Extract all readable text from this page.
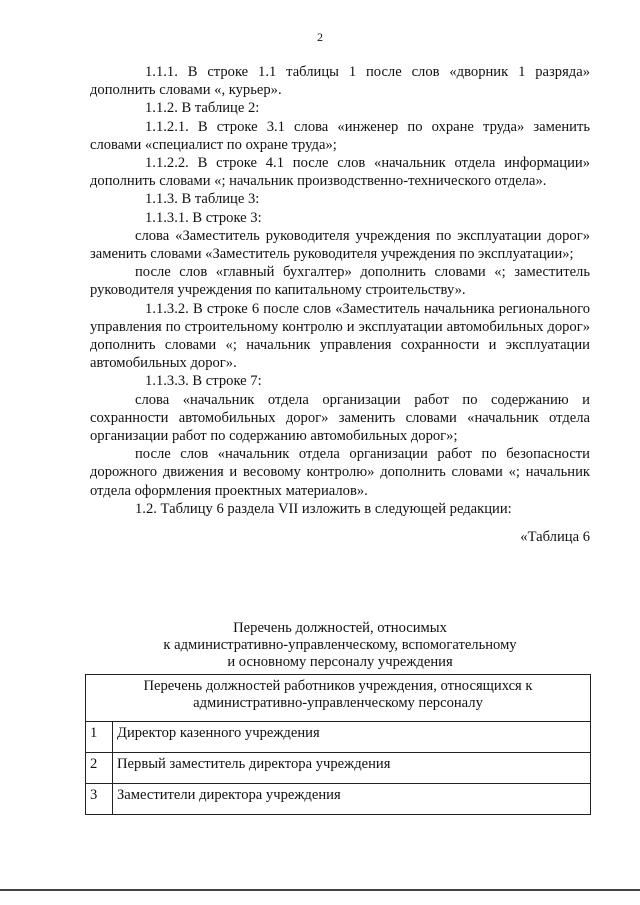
2

1.1.1. В строке 1.1 таблицы 1 после слов «дворник 1 разряда» дополнить словами «, курьер».

1.1.2. В таблице 2:

1.1.2.1. В строке 3.1 слова «инженер по охране труда» заменить словами «специалист по охране труда»;

1.1.2.2. В строке 4.1 после слов «начальник отдела информации» дополнить словами «; начальник производственно-технического отдела».

1.1.3. В таблице 3:

1.1.3.1. В строке 3:

слова «Заместитель руководителя учреждения по эксплуатации дорог» заменить словами «Заместитель руководителя учреждения по эксплуатации»;

после слов «главный бухгалтер» дополнить словами «; заместитель руководителя учреждения по капитальному строительству».

1.1.3.2. В строке 6 после слов «Заместитель начальника регионального управления по строительному контролю и эксплуатации автомобильных дорог» дополнить словами «; начальник управления сохранности и эксплуатации автомобильных дорог».

1.1.3.3. В строке 7:

слова «начальник отдела организации работ по содержанию и сохранности автомобильных дорог» заменить словами «начальник отдела организации работ по содержанию автомобильных дорог»;

после слов «начальник отдела организации работ по безопасности дорожного движения и весовому контролю» дополнить словами «; начальник отдела оформления проектных материалов».

1.2. Таблицу 6 раздела VII изложить в следующей редакции:

«Таблица 6

Перечень должностей, относимых
к административно-управленческому, вспомогательному
и основному персоналу учреждения
Перечень должностей работников учреждения, относящихся к
административно-управленческому персоналу	

1	Директор казенного учреждения
2	Первый заместитель директора учреждения
3	Заместители директора учреждения
